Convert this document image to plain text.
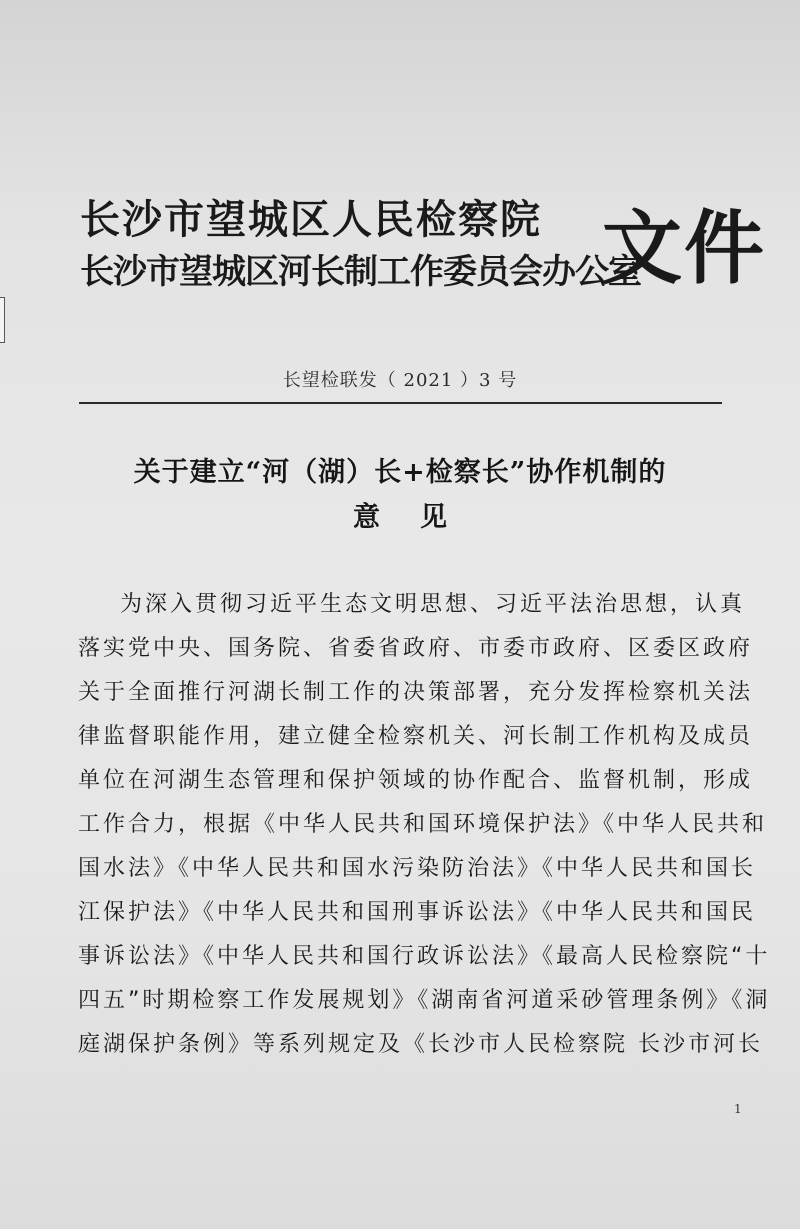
长沙市望城区人民检察院
长沙市望城区河长制工作委员会办公室
文件
长望检联发（ 2021 ）3 号
关于建立“河（湖）长+检察长”协作机制的
意见
为深入贯彻习近平生态文明思想、习近平法治思想，认真
落实党中央、国务院、省委省政府、市委市政府、区委区政府
关于全面推行河湖长制工作的决策部署，充分发挥检察机关法
律监督职能作用，建立健全检察机关、河长制工作机构及成员
单位在河湖生态管理和保护领域的协作配合、监督机制，形成
工作合力，根据《中华人民共和国环境保护法》《中华人民共和
国水法》《中华人民共和国水污染防治法》《中华人民共和国长
江保护法》《中华人民共和国刑事诉讼法》《中华人民共和国民
事诉讼法》《中华人民共和国行政诉讼法》《最高人民检察院“十
四五”时期检察工作发展规划》《湖南省河道采砂管理条例》《洞
庭湖保护条例》等系列规定及《长沙市人民检察院 长沙市河长
1
